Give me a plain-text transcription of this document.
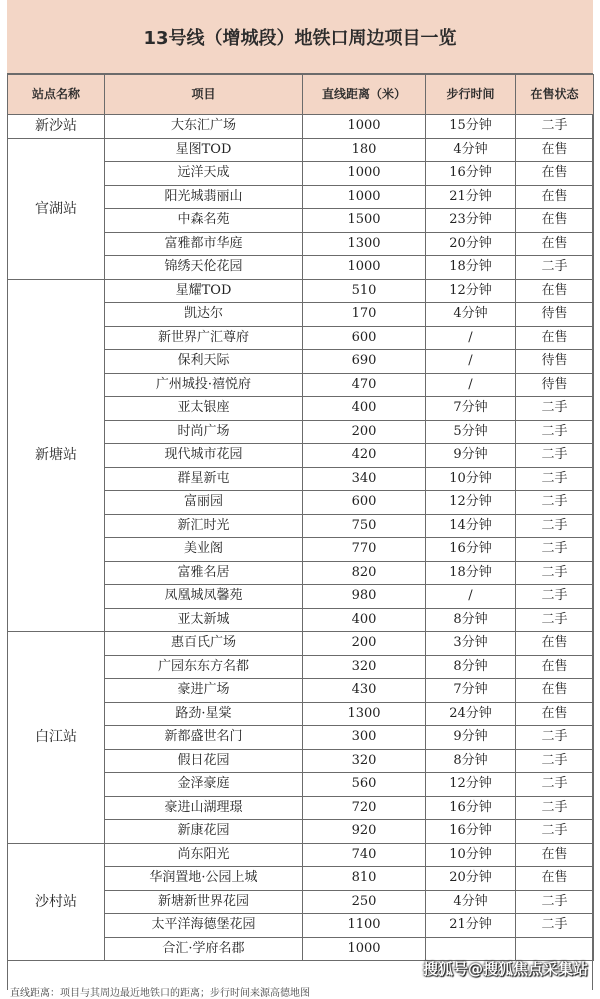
13号线（增城段）地铁口周边项目一览
站点名称	项目	直线距离（米）	步行时间	在售状态
新沙站	大东汇广场	1000	15分钟	二手
官湖站	星图TOD	180	4分钟	在售
	远洋天成	1000	16分钟	在售
	阳光城翡丽山	1000	21分钟	在售
	中森名苑	1500	23分钟	在售
	富雅都市华庭	1300	20分钟	在售
	锦绣天伦花园	1000	18分钟	二手
新塘站	星耀TOD	510	12分钟	在售
	凯达尔	170	4分钟	待售
	新世界广汇尊府	600	/	在售
	保利天际	690	/	待售
	广州城投·禧悦府	470	/	待售
	亚太银座	400	7分钟	二手
	时尚广场	200	5分钟	二手
	现代城市花园	420	9分钟	二手
	群星新屯	340	10分钟	二手
	富丽园	600	12分钟	二手
	新汇时光	750	14分钟	二手
	美业阁	770	16分钟	二手
	富雅名居	820	18分钟	二手
	凤凰城凤馨苑	980	/	二手
	亚太新城	400	8分钟	二手
白江站	惠百氏广场	200	3分钟	在售
	广园东东方名都	320	8分钟	在售
	豪进广场	430	7分钟	在售
	路劲·星棠	1300	24分钟	在售
	新都盛世名门	300	9分钟	二手
	假日花园	320	8分钟	二手
	金泽豪庭	560	12分钟	二手
	豪进山湖理璟	720	16分钟	二手
	新康花园	920	16分钟	二手
沙村站	尚东阳光	740	10分钟	在售
	华润置地·公园上城	810	20分钟	在售
	新塘新世界花园	250	4分钟	二手
	太平洋海德堡花园	1100	21分钟	二手
	合汇·学府名郡	1000		
直线距离：项目与其周边最近地铁口的距离；步行时间来源高德地图
搜狐号@搜狐焦点采集站
